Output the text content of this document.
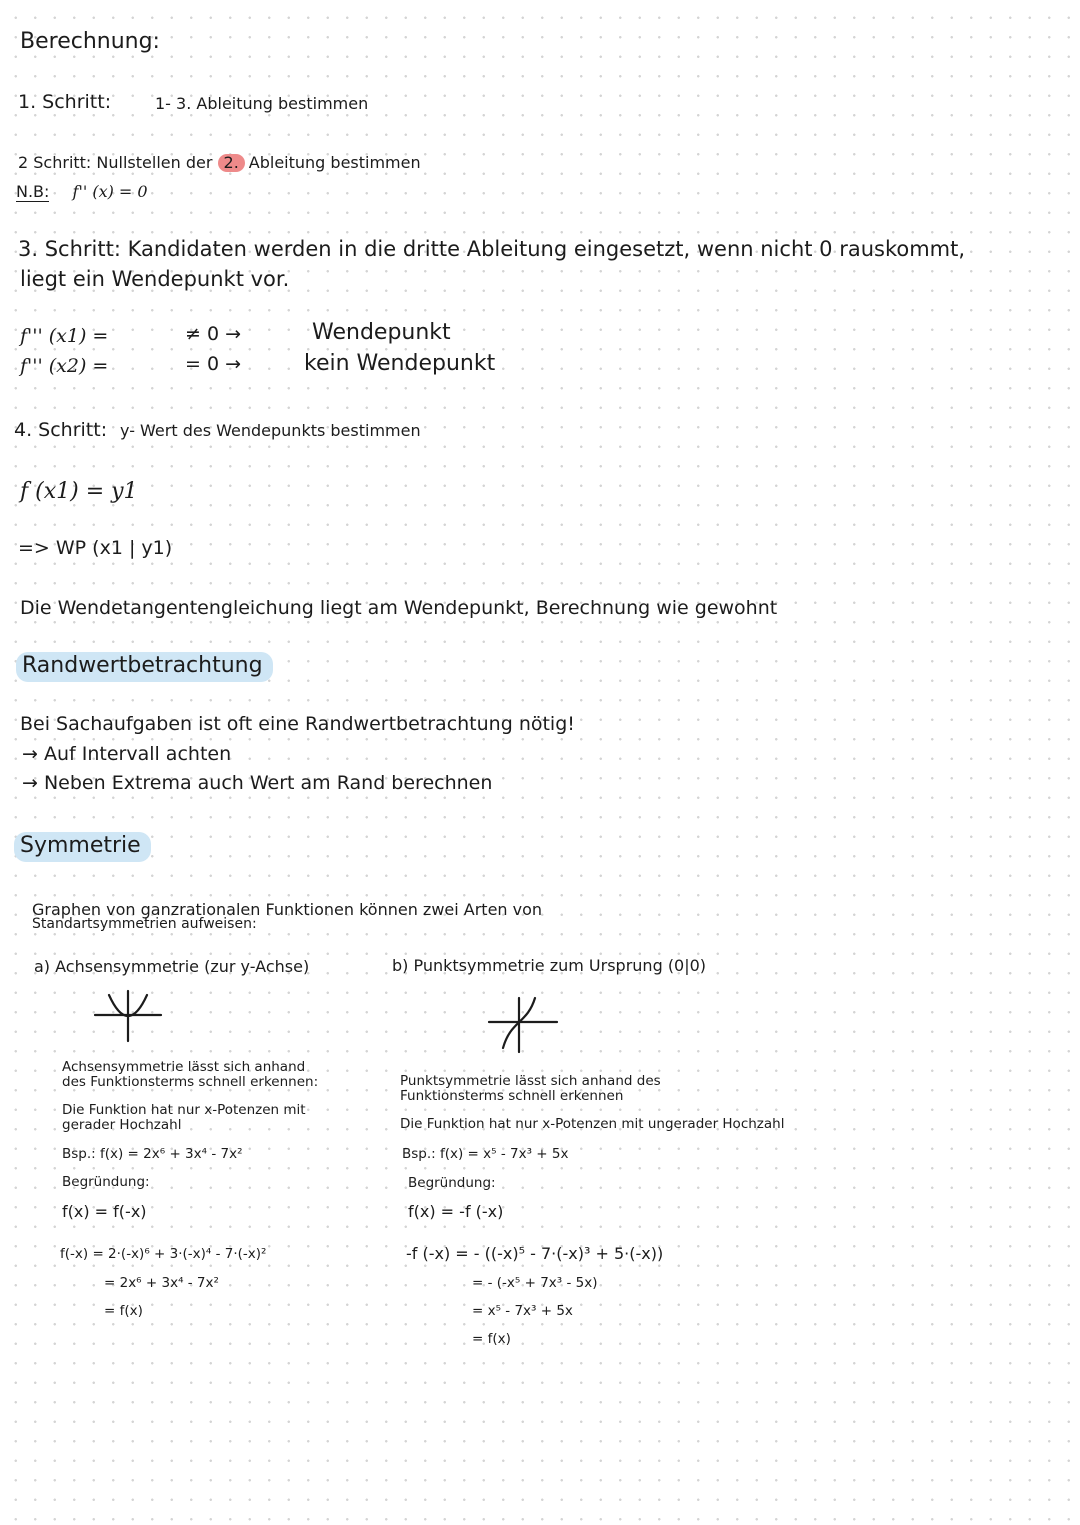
Berechnung:
1. Schritt:	1- 3. Ableitung bestimmen
2 Schritt: Nullstellen der 2. Ableitung bestimmen
N.B: f'' (x) = 0
3. Schritt: Kandidaten werden in die dritte Ableitung eingesetzt, wenn nicht 0 rauskommt,
liegt ein Wendepunkt vor.
f''' (x1) =	≠ 0 →	Wendepunkt
f''' (x2) =	= 0 →	kein Wendepunkt
4. Schritt: y- Wert des Wendepunkts bestimmen
f (x1) = y1
=> WP (x1 | y1)
Die Wendetangentengleichung liegt am Wendepunkt, Berechnung wie gewohnt
Randwertbetrachtung
Bei Sachaufgaben ist oft eine Randwertbetrachtung nötig!
→ Auf Intervall achten
→ Neben Extrema auch Wert am Rand berechnen
Symmetrie
Graphen von ganzrationalen Funktionen können zwei Arten von
Standartsymmetrien aufweisen:
a) Achsensymmetrie (zur y-Achse)
Achsensymmetrie lässt sich anhand
des Funktionsterms schnell erkennen:
Die Funktion hat nur x-Potenzen mit
gerader Hochzahl
Bsp.: f(x) = 2x⁶ + 3x⁴ - 7x²
Begründung:
f(x) = f(-x)
f(-x) = 2·(-x)⁶ + 3·(-x)⁴ - 7·(-x)²
= 2x⁶ + 3x⁴ - 7x²
= f(x)
b) Punktsymmetrie zum Ursprung (0|0)
Punktsymmetrie lässt sich anhand des
Funktionsterms schnell erkennen
Die Funktion hat nur x-Potenzen mit ungerader Hochzahl
Bsp.: f(x) = x⁵ - 7x³ + 5x
Begründung:
f(x) = -f (-x)
-f (-x) = - ((-x)⁵ - 7·(-x)³ + 5·(-x))
= - (-x⁵ + 7x³ - 5x)
= x⁵ - 7x³ + 5x
= f(x)
